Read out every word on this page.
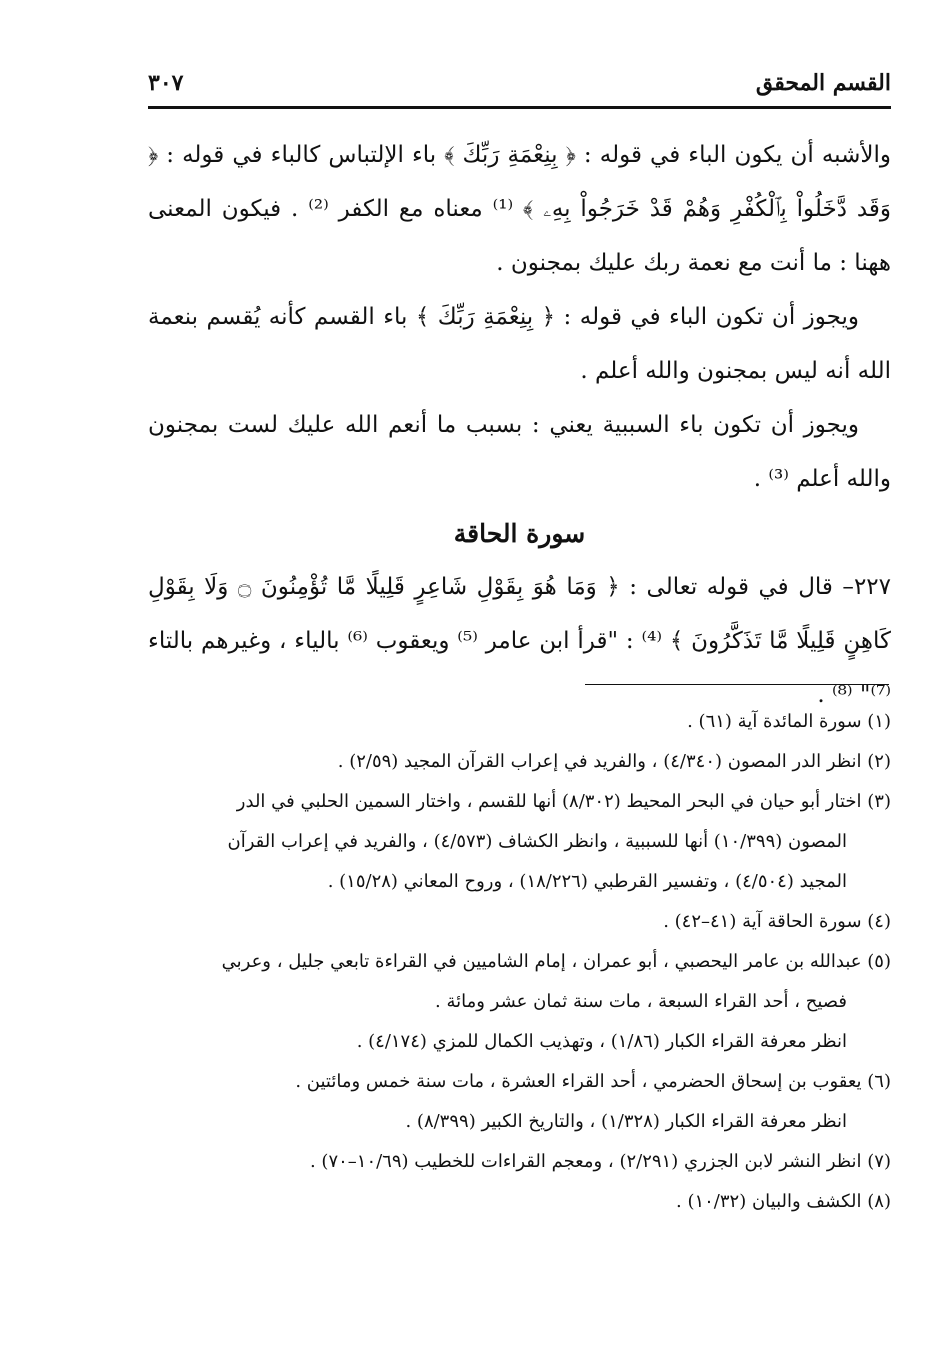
القسم المحقق
٣٠٧

والأشبه أن يكون الباء في قوله : ﴿ بِنِعْمَةِ رَبِّكَ ﴾ باء الإلتباس كالباء في قوله : ﴿ وَقَد دَّخَلُواْ بِٱلْكُفْرِ وَهُمْ قَدْ خَرَجُواْ بِهِۦ ﴾ ⁽¹⁾ معناه مع الكفر ⁽²⁾ . فيكون المعنى ههنا : ما أنت مع نعمة ربك عليك بمجنون .

ويجوز أن تكون الباء في قوله : ﴿ بِنِعْمَةِ رَبِّكَ ﴾ باء القسم كأنه يُقسم بنعمة الله أنه ليس بمجنون والله أعلم .

ويجوز أن تكون باء السببية يعني : بسبب ما أنعم الله عليك لست بمجنون والله أعلم ⁽³⁾ .

سورة الحاقة

٢٢٧– قال في قوله تعالى : ﴿ وَمَا هُوَ بِقَوْلِ شَاعِرٍ قَلِيلًا مَّا تُؤْمِنُونَ ۝ وَلَا بِقَوْلِ كَاهِنٍ قَلِيلًا مَّا تَذَكَّرُونَ ﴾ ⁽⁴⁾ : "قرأ ابن عامر ⁽⁵⁾ ويعقوب ⁽⁶⁾ بالياء ، وغيرهم بالتاء ⁽⁷⁾" ⁽⁸⁾ .

(١) سورة المائدة آية (٦١) .

(٢) انظر الدر المصون (٤/٣٤٠) ، والفريد في إعراب القرآن المجيد (٢/٥٩) .

(٣) اختار أبو حيان في البحر المحيط (٨/٣٠٢) أنها للقسم ، واختار السمين الحلبي في الدر

المصون (١٠/٣٩٩) أنها للسببية ، وانظر الكشاف (٤/٥٧٣) ، والفريد في إعراب القرآن

المجيد (٤/٥٠٤) ، وتفسير القرطبي (١٨/٢٢٦) ، وروح المعاني (١٥/٢٨) .

(٤) سورة الحاقة آية (٤١–٤٢) .

(٥) عبدالله بن عامر اليحصبي ، أبو عمران ، إمام الشاميين في القراءة تابعي جليل ، وعربي

فصيح ، أحد القراء السبعة ، مات سنة ثمان عشر ومائة .

انظر معرفة القراء الكبار (١/٨٦) ، وتهذيب الكمال للمزي (٤/١٧٤) .

(٦) يعقوب بن إسحاق الحضرمي ، أحد القراء العشرة ، مات سنة خمس ومائتين .

انظر معرفة القراء الكبار (١/٣٢٨) ، والتاريخ الكبير (٨/٣٩٩) .

(٧) انظر النشر لابن الجزري (٢/٢٩١) ، ومعجم القراءات للخطيب (١٠/٦٩–٧٠) .

(٨) الكشف والبيان (١٠/٣٢) .
